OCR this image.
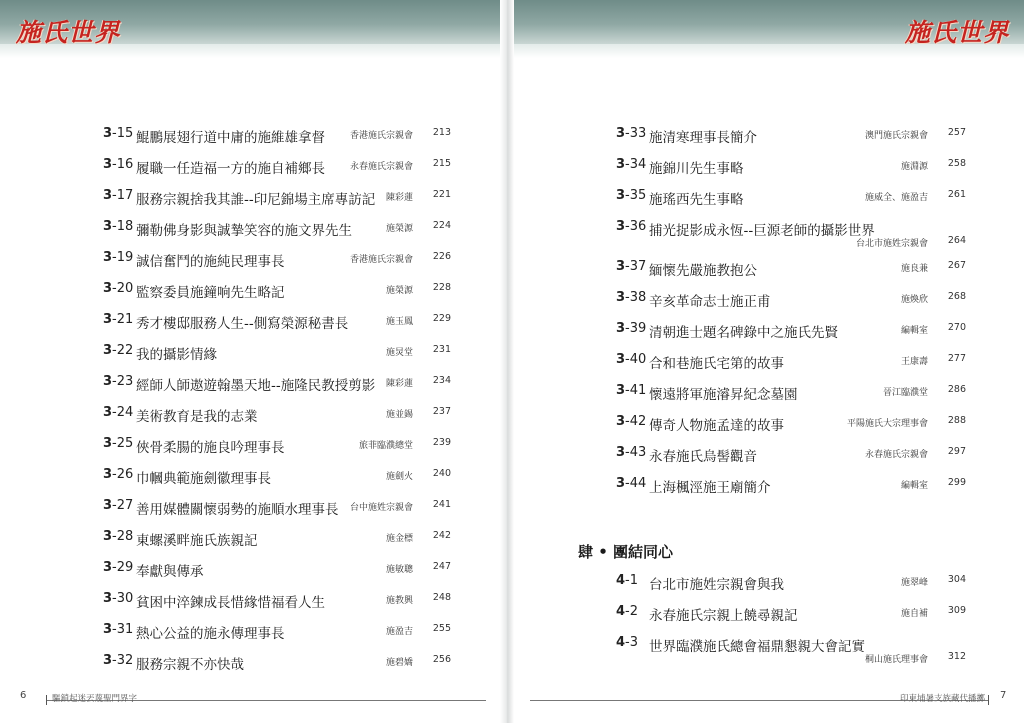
施氏世界	施氏世界
3-15 鯤鵬展翅行道中庸的施維雄拿督	香港施氏宗親會	213
3-16 履職一任造福一方的施自補鄉長	永春施氏宗親會	215
3-17 服務宗親捨我其誰--印尼錦場主席專訪記 陳彩蓮	221
3-18 彌勒佛身影與誠摯笑容的施文界先生	施榮源	224
3-19 誠信奮鬥的施純民理事長	香港施氏宗親會	226
3-20 監察委員施鐘响先生略記	施榮源	228
3-21 秀才樓邸服務人生--側寫榮源秘書長	施玉鳳	229
3-22 我的攝影情緣	施炅堂	231
3-23 經師人師遨遊翰墨天地--施隆民教授剪影 陳彩蓮	234
3-24 美術教育是我的志業	施並錫	237
3-25 俠骨柔腸的施良吟理事長	旅菲臨濮總堂	239
3-26 巾幗典範施劍徽理事長	施劍火	240
3-27 善用媒體關懷弱勢的施順水理事長 台中施姓宗親會	241
3-28 東螺溪畔施氏族親記	施金標	242
3-29 奉獻與傳承	施敏聰	247
3-30 貧困中淬鍊成長惜緣惜福看人生	施教興	248
3-31 熱心公益的施永傳理事長	施盈吉	255
3-32 服務宗親不亦快哉	施碧嬌	256
3-33 施清寒理事長簡介	澳門施氏宗親會	257
3-34 施錦川先生事略	施淵源	258
3-35 施瑤西先生事略	施威全、施盈吉	261
3-36 捕光捉影成永恆--巨源老師的攝影世界
台北市施姓宗親會	264
3-37 緬懷先嚴施教抱公	施良兼	267
3-38 辛亥革命志士施正甫	施煥欣	268
3-39 清朝進士題名碑錄中之施氏先賢	編輯室	270
3-40 合和巷施氏宅第的故事	王康壽	277
3-41 懷遠將軍施濬昇紀念墓園	晉江臨濮堂	286
3-42 傳奇人物施孟達的故事	平陽施氏大宗理事會	288
3-43 永春施氏烏髻觀音	永春施氏宗親會	297
3-44 上海楓涇施王廟簡介	編輯室	299
肆 • 團結同心
4-1 台北市施姓宗親會與我	施翠峰	304
4-2 永春施氏宗親上饒尋親記	施自補	309
4-3 世界臨濮施氏總會福鼎懇親大會記實
桐山施氏理事會	312
驅鎖起迷丟蔑聖門界字
6	印東埔暑支族藏代播擲 7
